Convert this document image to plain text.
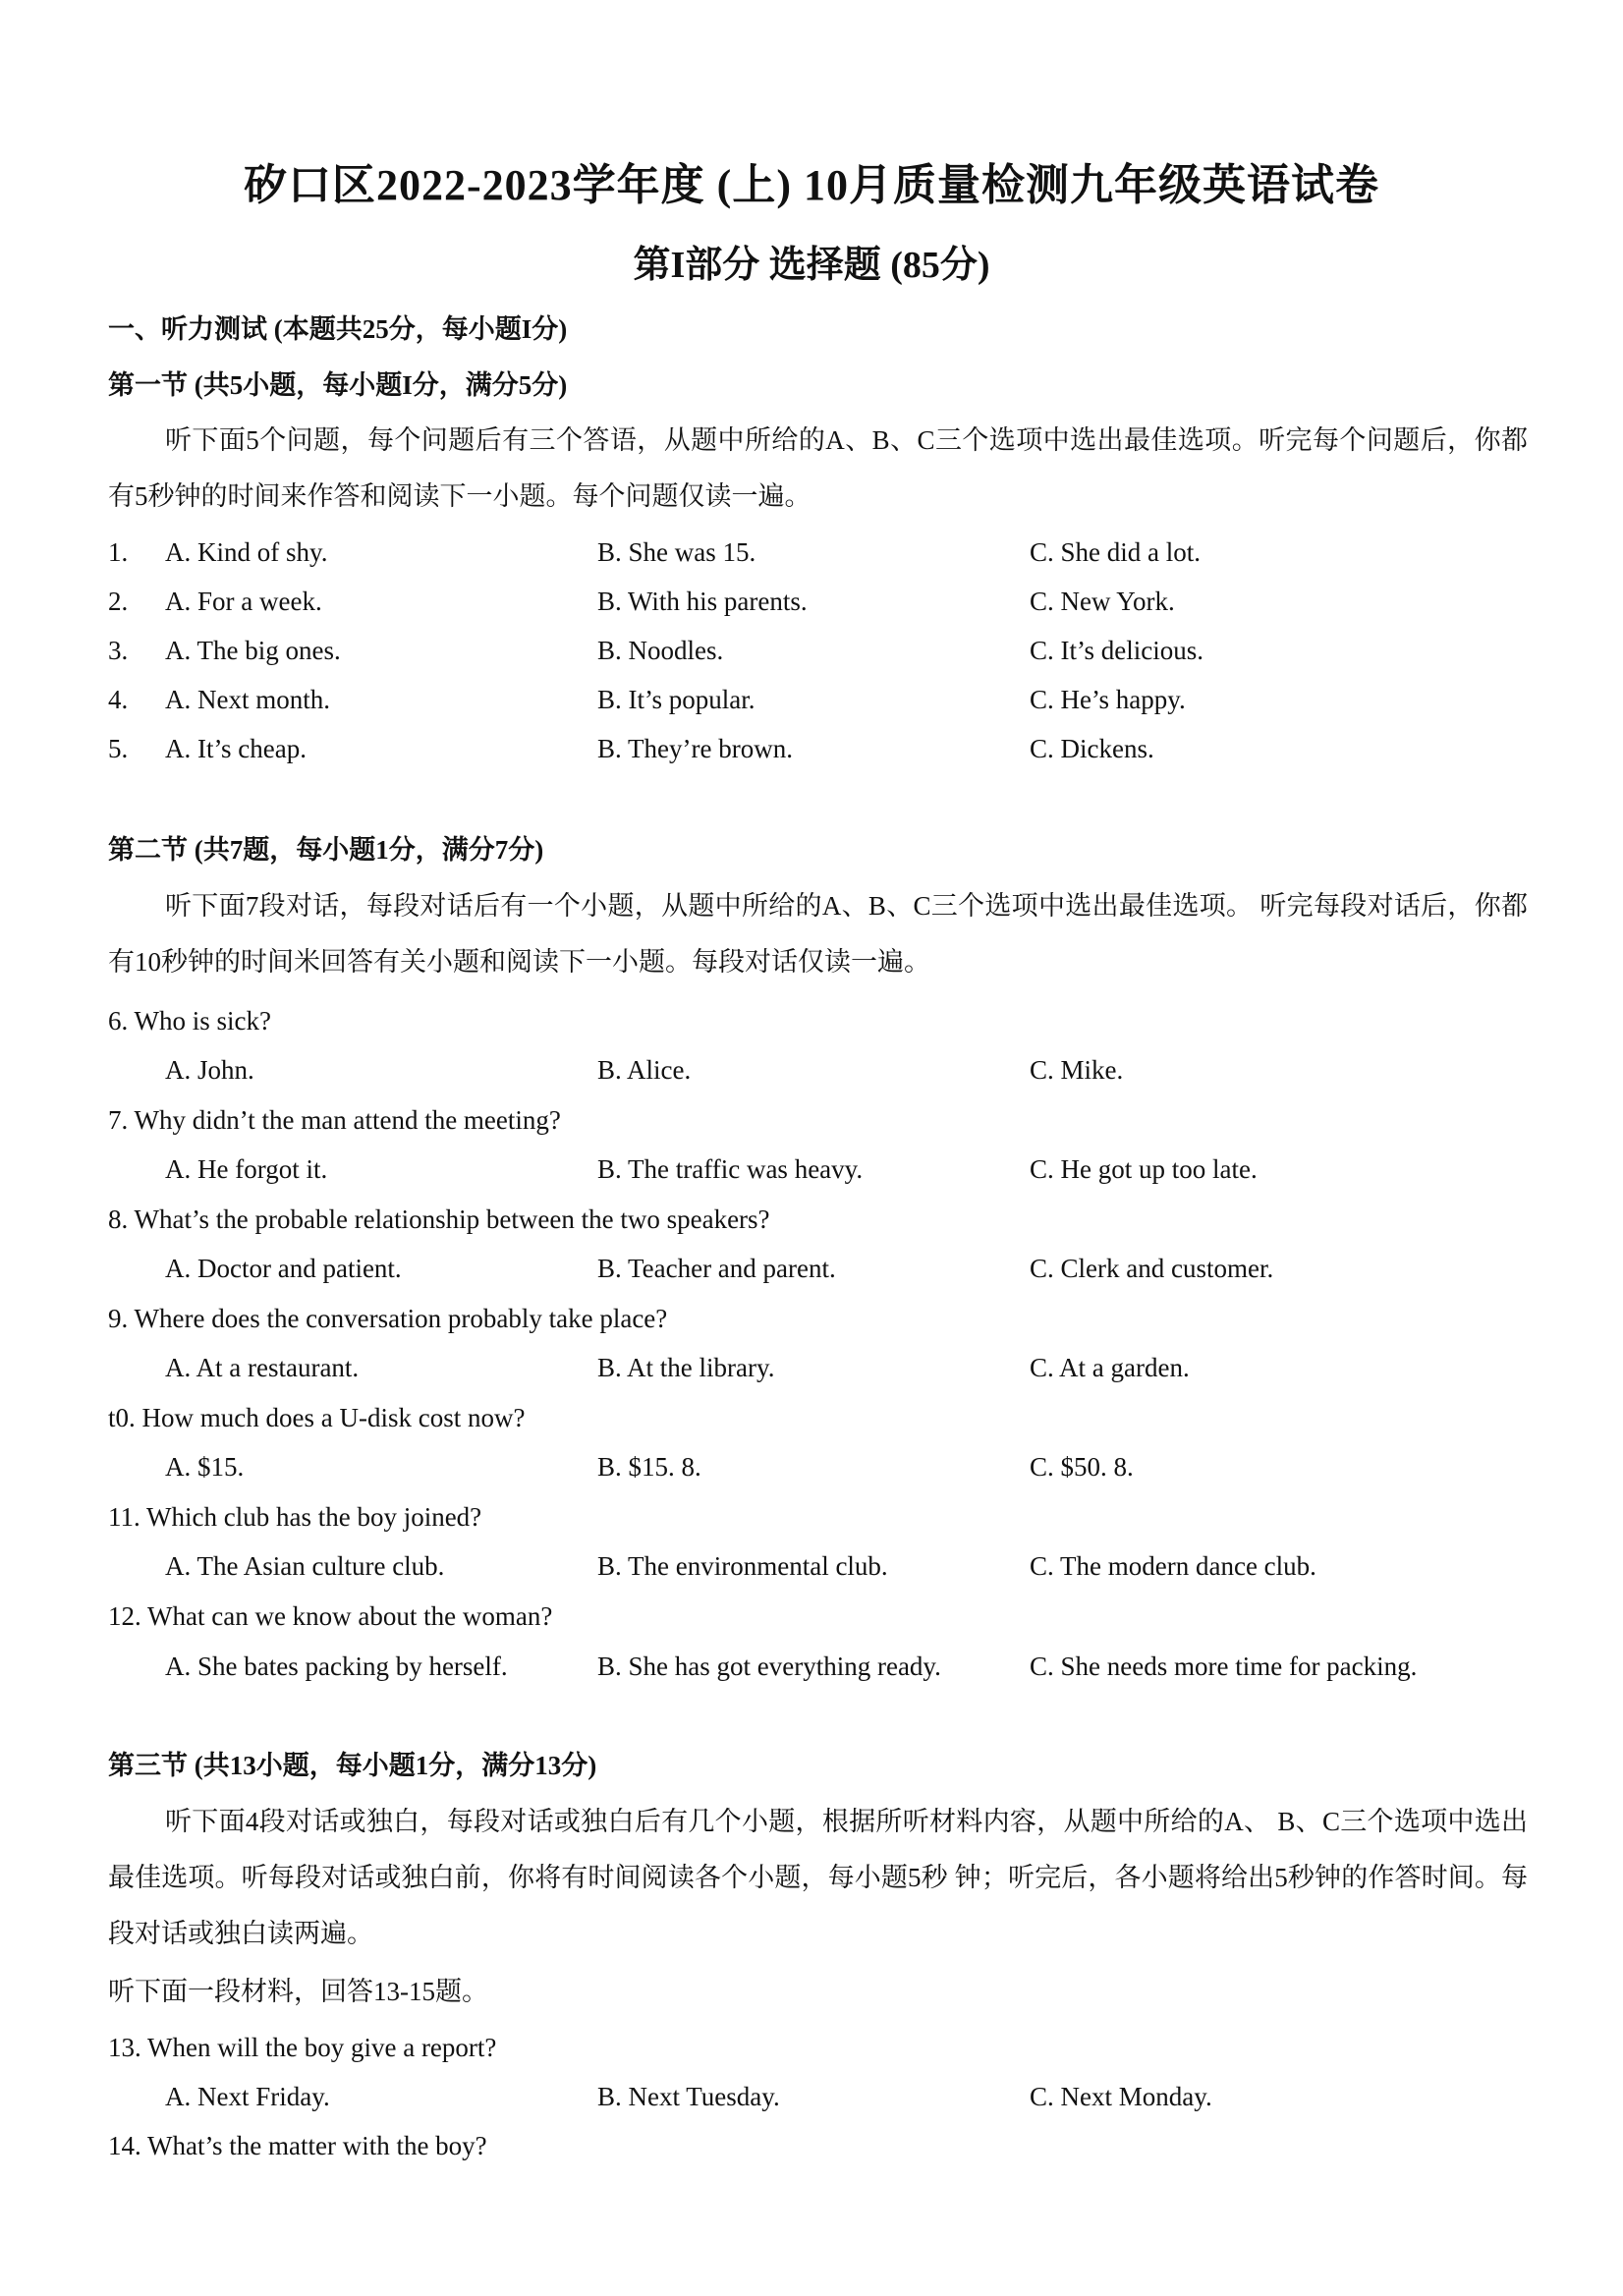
矽口区2022-2023学年度 (上) 10月质量检测九年级英语试卷
第I部分 选择题 (85分)
一、听力测试 (本题共25分，每小题I分)
第一节 (共5小题，每小题I分，满分5分)
听下面5个问题，每个问题后有三个答语，从题中所给的A、B、C三个选项中选出最佳选项。听完每个问题后，你都有5秒钟的时间来作答和阅读下一小题。每个问题仅读一遍。
1. A. Kind of shy.	B. She was 15.	C. She did a lot.
2. A. For a week.	B. With his parents.	C. New York.
3. A. The big ones.	B. Noodles.	C. It’s delicious.
4. A. Next month.	B. It’s popular.	C. He’s happy.
5. A. It’s cheap.	B. They’re brown.	C. Dickens.
第二节 (共7题，每小题1分，满分7分)
听下面7段对话，每段对话后有一个小题，从题中所给的A、B、C三个选项中选出最佳选项。 听完每段对话后，你都有10秒钟的时间米回答有关小题和阅读下一小题。每段对话仅读一遍。
6. Who is sick?
A. John.	B. Alice.	C. Mike.
7. Why didn’t the man attend the meeting?
A. He forgot it.	B. The traffic was heavy.	C. He got up too late.
8. What’s the probable relationship between the two speakers?
A. Doctor and patient.	B. Teacher and parent.	C. Clerk and customer.
9. Where does the conversation probably take place?
A. At a restaurant.	B. At the library.	C. At a garden.
t0. How much does a U-disk cost now?
A. $15.	B. $15. 8.	C. $50. 8.
11. Which club has the boy joined?
A. The Asian culture club.	B. The environmental club.	C. The modern dance club.
12. What can we know about the woman?
A. She bates packing by herself.	B. She has got everything ready.	C. She needs more time for packing.
第三节 (共13小题，每小题1分，满分13分)
听下面4段对话或独白，每段对话或独白后有几个小题，根据所听材料内容，从题中所给的A、 B、C三个选项中选出最佳选项。听每段对话或独白前，你将有时间阅读各个小题，每小题5秒 钟；听完后，各小题将给出5秒钟的作答时间。每段对话或独白读两遍。
听下面一段材料，回答13-15题。
13. When will the boy give a report?
A. Next Friday.	B. Next Tuesday.	C. Next Monday.
14. What’s the matter with the boy?
